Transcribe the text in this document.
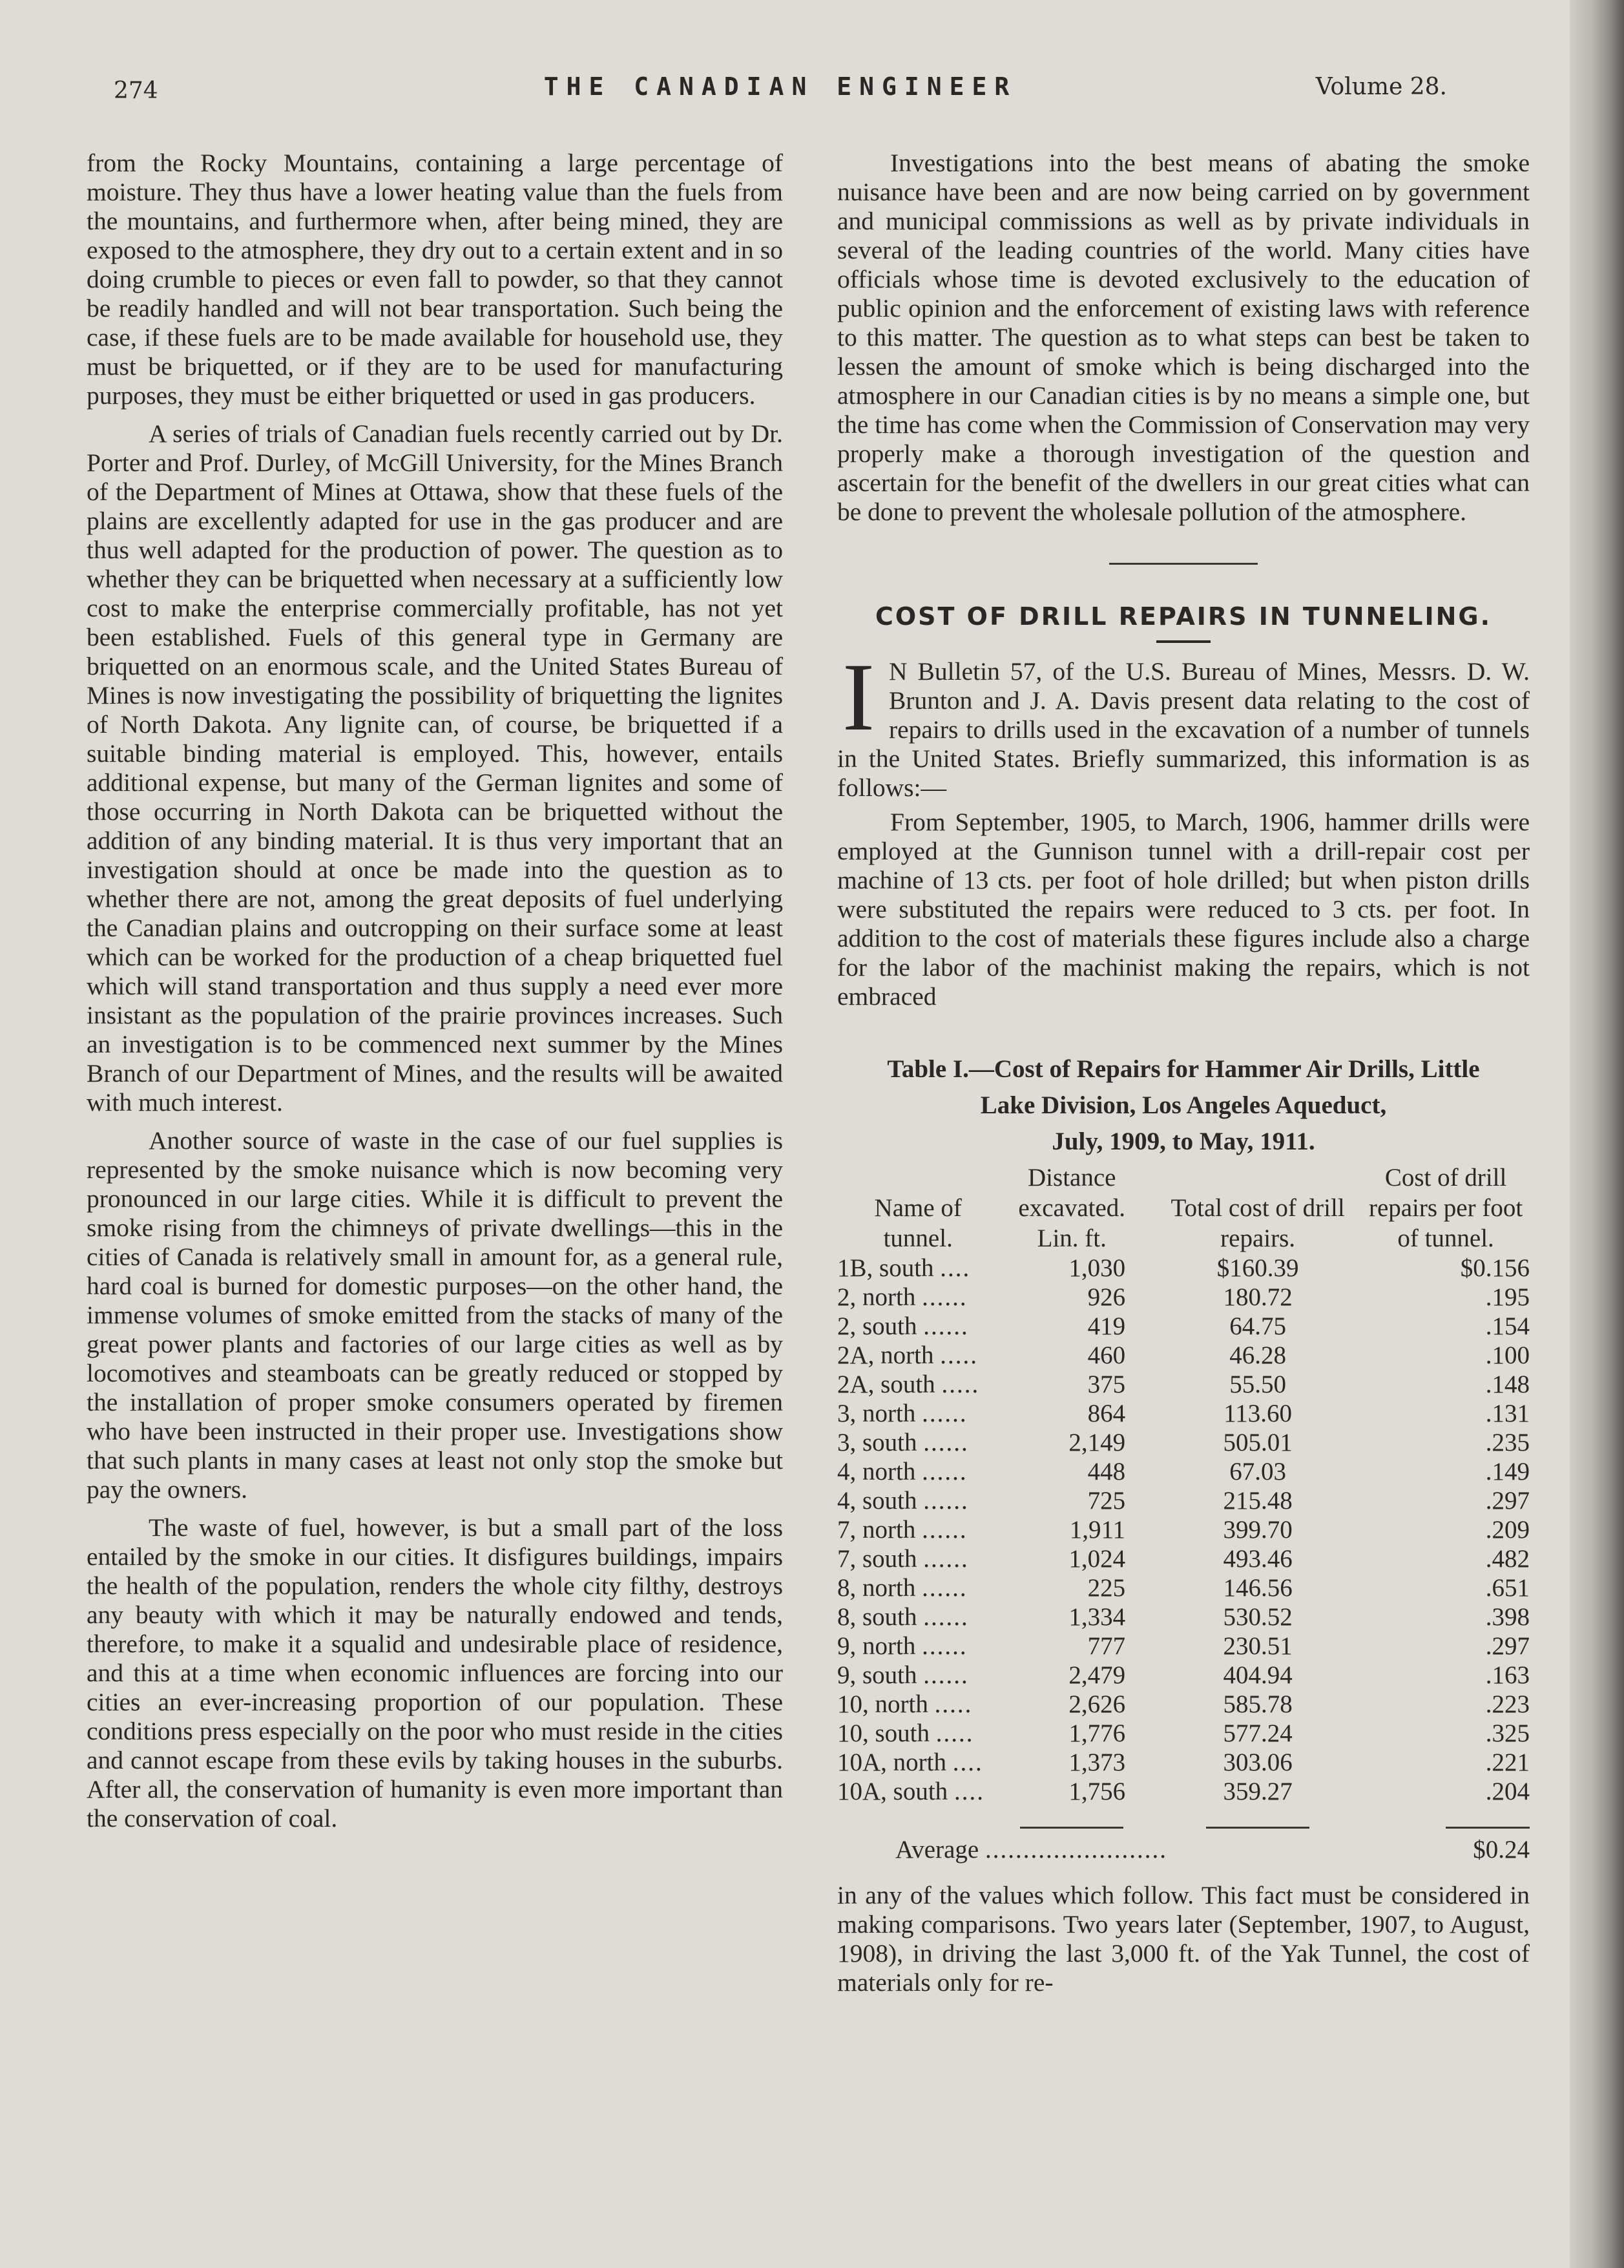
274	THE CANADIAN ENGINEER	Volume 28.

from the Rocky Mountains, containing a large percentage of moisture. They thus have a lower heating value than the fuels from the mountains, and furthermore when, after being mined, they are exposed to the atmosphere, they dry out to a certain extent and in so doing crumble to pieces or even fall to powder, so that they cannot be readily handled and will not bear transportation. Such being the case, if these fuels are to be made available for household use, they must be briquetted, or if they are to be used for manufacturing purposes, they must be either briquetted or used in gas producers.

A series of trials of Canadian fuels recently carried out by Dr. Porter and Prof. Durley, of McGill University, for the Mines Branch of the Department of Mines at Ottawa, show that these fuels of the plains are excellently adapted for use in the gas producer and are thus well adapted for the production of power. The question as to whether they can be briquetted when necessary at a sufficiently low cost to make the enterprise commercially profitable, has not yet been established. Fuels of this general type in Germany are briquetted on an enormous scale, and the United States Bureau of Mines is now investigating the possibility of briquetting the lignites of North Dakota. Any lignite can, of course, be briquetted if a suitable binding material is employed. This, however, entails additional expense, but many of the German lignites and some of those occurring in North Dakota can be briquetted without the addition of any binding material. It is thus very important that an investigation should at once be made into the question as to whether there are not, among the great deposits of fuel underlying the Canadian plains and outcropping on their surface some at least which can be worked for the production of a cheap briquetted fuel which will stand transportation and thus supply a need ever more insistant as the population of the prairie provinces increases. Such an investigation is to be commenced next summer by the Mines Branch of our Department of Mines, and the results will be awaited with much interest.

Another source of waste in the case of our fuel supplies is represented by the smoke nuisance which is now becoming very pronounced in our large cities. While it is difficult to prevent the smoke rising from the chimneys of private dwellings—this in the cities of Canada is relatively small in amount for, as a general rule, hard coal is burned for domestic purposes—on the other hand, the immense volumes of smoke emitted from the stacks of many of the great power plants and factories of our large cities as well as by locomotives and steamboats can be greatly reduced or stopped by the installation of proper smoke consumers operated by firemen who have been instructed in their proper use. Investigations show that such plants in many cases at least not only stop the smoke but pay the owners.

The waste of fuel, however, is but a small part of the loss entailed by the smoke in our cities. It disfigures buildings, impairs the health of the population, renders the whole city filthy, destroys any beauty with which it may be naturally endowed and tends, therefore, to make it a squalid and undesirable place of residence, and this at a time when economic influences are forcing into our cities an ever-increasing proportion of our population. These conditions press especially on the poor who must reside in the cities and cannot escape from these evils by taking houses in the suburbs. After all, the conservation of humanity is even more important than the conservation of coal.

Investigations into the best means of abating the smoke nuisance have been and are now being carried on by government and municipal commissions as well as by private individuals in several of the leading countries of the world. Many cities have officials whose time is devoted exclusively to the education of public opinion and the enforcement of existing laws with reference to this matter. The question as to what steps can best be taken to lessen the amount of smoke which is being discharged into the atmosphere in our Canadian cities is by no means a simple one, but the time has come when the Commission of Conservation may very properly make a thorough investigation of the question and ascertain for the benefit of the dwellers in our great cities what can be done to prevent the wholesale pollution of the atmosphere.

COST OF DRILL REPAIRS IN TUNNELING.

I N Bulletin 57, of the U.S. Bureau of Mines, Messrs. D. W. Brunton and J. A. Davis present data relating to the cost of repairs to drills used in the excavation of a number of tunnels in the United States. Briefly summarized, this information is as follows:—

From September, 1905, to March, 1906, hammer drills were employed at the Gunnison tunnel with a drill-repair cost per machine of 13 cts. per foot of hole drilled; but when piston drills were substituted the repairs were reduced to 3 cts. per foot. In addition to the cost of materials these figures include also a charge for the labor of the machinist making the repairs, which is not embraced

Table I.—Cost of Repairs for Hammer Air Drills, Little
Lake Division, Los Angeles Aqueduct,
July, 1909, to May, 1911.
Name of tunnel.	Distance excavated. Lin. ft.	Total cost of drill repairs.	Cost of drill repairs per foot of tunnel.
1B, south ....	1,030	$160.39	$0.156
2, north ......	926	180.72	.195
2, south ......	419	64.75	.154
2A, north .....	460	46.28	.100
2A, south .....	375	55.50	.148
3, north ......	864	113.60	.131
3, south ......	2,149	505.01	.235
4, north ......	448	67.03	.149
4, south ......	725	215.48	.297
7, north ......	1,911	399.70	.209
7, south ......	1,024	493.46	.482
8, north ......	225	146.56	.651
8, south ......	1,334	530.52	.398
9, north ......	777	230.51	.297
9, south ......	2,479	404.94	.163
10, north .....	2,626	585.78	.223
10, south .....	1,776	577.24	.325
10A, north ....	1,373	303.06	.221
10A, south ....	1,756	359.27	.204

Average ........................			$0.24

in any of the values which follow. This fact must be considered in making comparisons. Two years later (September, 1907, to August, 1908), in driving the last 3,000 ft. of the Yak Tunnel, the cost of materials only for re-
